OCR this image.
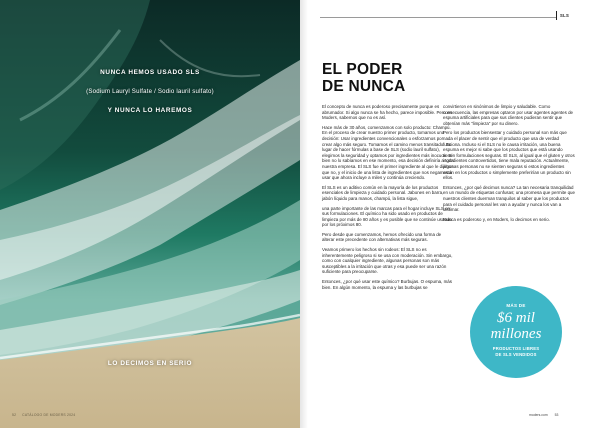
NUNCA HEMOS USADO SLS
(Sodium Lauryl Sulfate / Sodio lauril sulfato)
Y NUNCA LO HAREMOS
LO DECIMOS EN SERIO
52 CATÁLOGO DE MODERS 2024
SLS
EL PODER
DE NUNCA

El concepto de nunca es poderoso precisamente porque es abrumador. Si algo nunca se ha hecho, parece imposible. Pero en Moders, sabemos que no es así.

Hace más de 30 años, comenzamos con solo producto: Champú. En el proceso de crear nuestro primer producto, tomamos una decisión: Usar ingredientes convencionales o esforzarnos por crear algo más seguro. Tomamos el camino menos transitado. En lugar de hacer fórmulas a base de SLS (sodio lauril sulfato), elegimos la seguridad y optamos por ingredientes más inocuos. Si bien no lo sabíamos en ese momento, esa decisión definiría a toda nuestra empresa. El SLS fue el primer ingrediente al que le dijimos que no, y el inicio de una lista de ingredientes que nos negamos a usar que ahora incluye a miles y continúa creciendo.

El SLS es un aditivo común en la mayoría de los productos esenciales de limpieza y cuidado personal. Jabones en barra, jabón líquido para manos, champú, la lista sigue,

una parte importante de las marcas para el hogar incluye SLS en sus formulaciones. El químico ha sido usado en productos de limpieza por más de 80 años y es posible que se continúe usando por los próximos 80.

Pero desde que comenzamos, hemos ofrecido una forma de alterar este precedente con alternativas más seguras.

Veamos primero los hechos sin rodeos: El SLS no es inherentemente peligroso si se usa con moderación. Sin embargo, como con cualquier ingrediente, algunas personas son más susceptibles a la irritación que otras y esa puede ser una razón suficiente para preocuparse.

Entonces, ¿por qué usar este químico? Burbujas. O espuma, más bien. En algún momento, la espuma y las burbujas se

convirtieron en sinónimos de limpio y saludable. Como consecuencia, las empresas optaron por usar agentes agentes de espuma artificiales para que sus clientes pudieran sentir que obtenían más “limpieza” por su dinero.

Pero los productos biensestar y cuidado personal son más que nada el placer de sentir que el producto que usa de verdad funciona. Incluso si el SLS no le causa irritación, una buena espuma es mejor si sabe que los productos que está usando tienen formulaciones seguras. El SLS, al igual que el gluten y otros ingredientes controvertidos, tiene mala reputación. Actualmente, algunas personas no se sienten seguras si estos ingredientes están en los productos o simplemente preferirían un producto sin ellos.

Entonces, ¿por qué decimos nunca? La tan necesaria tranquilidad en un mundo de etiquetas confusas; una promesa que permite que nuestros clientes duerman tranquilos al saber que los productos para el cuidado personal les van a ayudar y nunca los van a lastimar.

Nunca es poderoso y, en Moders, lo decimos en serio.

MÁS DE
$6 mil
millones
PRODUCTOS LIBRES
DE SLS VENDIDOS
moders.com 53
